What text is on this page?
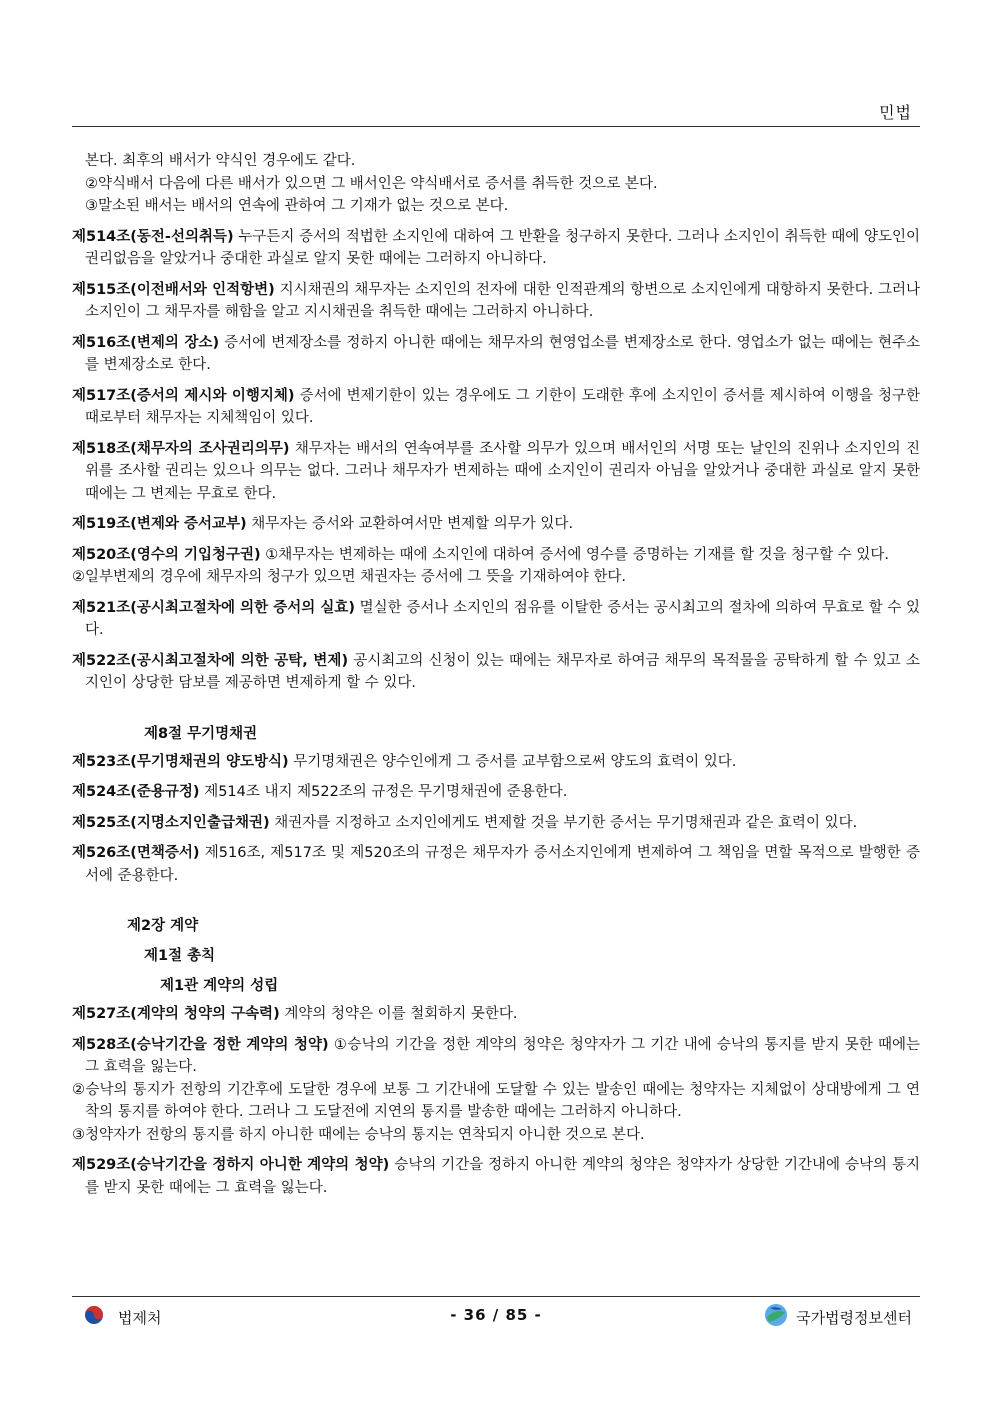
민법

본다. 최후의 배서가 약식인 경우에도 같다.

②약식배서 다음에 다른 배서가 있으면 그 배서인은 약식배서로 증서를 취득한 것으로 본다.

③말소된 배서는 배서의 연속에 관하여 그 기재가 없는 것으로 본다.

제514조(동전-선의취득) 누구든지 증서의 적법한 소지인에 대하여 그 반환을 청구하지 못한다. 그러나 소지인이 취득한 때에 양도인이 권리없음을 알았거나 중대한 과실로 알지 못한 때에는 그러하지 아니하다.
제515조(이전배서와 인적항변) 지시채권의 채무자는 소지인의 전자에 대한 인적관계의 항변으로 소지인에게 대항하지 못한다. 그러나 소지인이 그 채무자를 해함을 알고 지시채권을 취득한 때에는 그러하지 아니하다.
제516조(변제의 장소) 증서에 변제장소를 정하지 아니한 때에는 채무자의 현영업소를 변제장소로 한다. 영업소가 없는 때에는 현주소를 변제장소로 한다.
제517조(증서의 제시와 이행지체) 증서에 변제기한이 있는 경우에도 그 기한이 도래한 후에 소지인이 증서를 제시하여 이행을 청구한 때로부터 채무자는 지체책임이 있다.
제518조(채무자의 조사권리의무) 채무자는 배서의 연속여부를 조사할 의무가 있으며 배서인의 서명 또는 날인의 진위나 소지인의 진위를 조사할 권리는 있으나 의무는 없다. 그러나 채무자가 변제하는 때에 소지인이 권리자 아님을 알았거나 중대한 과실로 알지 못한 때에는 그 변제는 무효로 한다.
제519조(변제와 증서교부) 채무자는 증서와 교환하여서만 변제할 의무가 있다.
제520조(영수의 기입청구권) ①채무자는 변제하는 때에 소지인에 대하여 증서에 영수를 증명하는 기재를 할 것을 청구할 수 있다.
②일부변제의 경우에 채무자의 청구가 있으면 채권자는 증서에 그 뜻을 기재하여야 한다.
제521조(공시최고절차에 의한 증서의 실효) 멸실한 증서나 소지인의 점유를 이탈한 증서는 공시최고의 절차에 의하여 무효로 할 수 있다.
제522조(공시최고절차에 의한 공탁, 변제) 공시최고의 신청이 있는 때에는 채무자로 하여금 채무의 목적물을 공탁하게 할 수 있고 소지인이 상당한 담보를 제공하면 변제하게 할 수 있다.

제8절 무기명채권

제523조(무기명채권의 양도방식) 무기명채권은 양수인에게 그 증서를 교부함으로써 양도의 효력이 있다.
제524조(준용규정) 제514조 내지 제522조의 규정은 무기명채권에 준용한다.
제525조(지명소지인출급채권) 채권자를 지정하고 소지인에게도 변제할 것을 부기한 증서는 무기명채권과 같은 효력이 있다.
제526조(면책증서) 제516조, 제517조 및 제520조의 규정은 채무자가 증서소지인에게 변제하여 그 책임을 면할 목적으로 발행한 증서에 준용한다.

제2장 계약

제1절 총칙

제1관 계약의 성립

제527조(계약의 청약의 구속력) 계약의 청약은 이를 철회하지 못한다.
제528조(승낙기간을 정한 계약의 청약) ①승낙의 기간을 정한 계약의 청약은 청약자가 그 기간 내에 승낙의 통지를 받지 못한 때에는 그 효력을 잃는다.
②승낙의 통지가 전항의 기간후에 도달한 경우에 보통 그 기간내에 도달할 수 있는 발송인 때에는 청약자는 지체없이 상대방에게 그 연착의 통지를 하여야 한다. 그러나 그 도달전에 지연의 통지를 발송한 때에는 그러하지 아니하다.
③청약자가 전항의 통지를 하지 아니한 때에는 승낙의 통지는 연착되지 아니한 것으로 본다.
제529조(승낙기간을 정하지 아니한 계약의 청약) 승낙의 기간을 정하지 아니한 계약의 청약은 청약자가 상당한 기간내에 승낙의 통지를 받지 못한 때에는 그 효력을 잃는다.
법제처	- 36 / 85 -	국가법령정보센터
